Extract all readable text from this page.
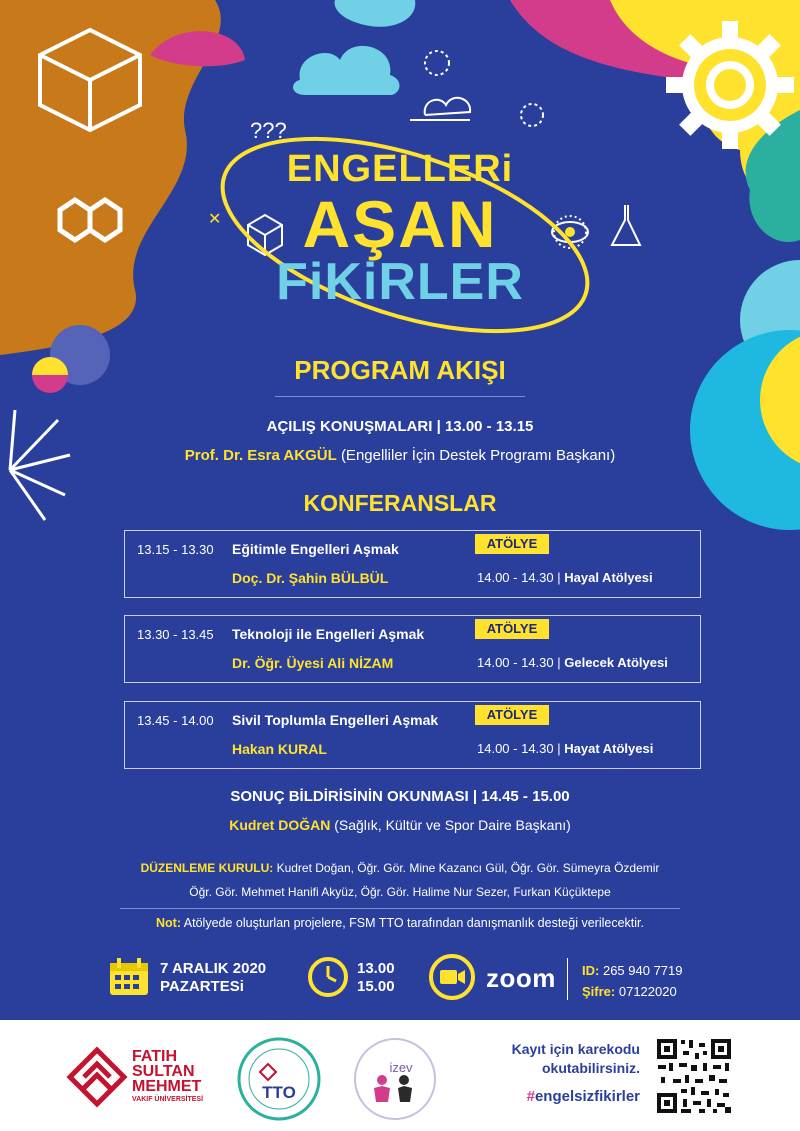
???
✕
ENGELLERi
AŞAN
FiKiRLER
PROGRAM AKIŞI
AÇILIŞ KONUŞMALARI | 13.00 - 13.15
Prof. Dr. Esra AKGÜL (Engelliler İçin Destek Programı Başkanı)
KONFERANSLAR
13.15 - 13.30 Eğitimle Engelleri Aşmak
Doç. Dr. Şahin BÜLBÜL
ATÖLYE
14.00 - 14.30 | Hayal Atölyesi
13.30 - 13.45 Teknoloji ile Engelleri Aşmak
Dr. Öğr. Üyesi Ali NİZAM
ATÖLYE
14.00 - 14.30 | Gelecek Atölyesi
13.45 - 14.00 Sivil Toplumla Engelleri Aşmak
Hakan KURAL
ATÖLYE
14.00 - 14.30 | Hayat Atölyesi
SONUÇ BİLDİRİSİNİN OKUNMASI | 14.45 - 15.00
Kudret DOĞAN (Sağlık, Kültür ve Spor Daire Başkanı)
DÜZENLEME KURULU: Kudret Doğan, Öğr. Gör. Mine Kazancı Gül, Öğr. Gör. Sümeyra Özdemir
Öğr. Gör. Mehmet Hanifi Akyüz, Öğr. Gör. Halime Nur Sezer, Furkan Küçüktepe
Not: Atölyede oluşturlan projelere, FSM TTO tarafından danışmanlık desteği verilecektir.
7 ARALIK 2020
PAZARTESi
13.00
15.00	zoom ID: 265 940 7719
Şifre: 07122020
FATIH
SULTAN
MEHMET
VAKIF ÜNİVERSİTESİ	TTO
izev
Kayıt için karekodu
okutabilirsiniz.
#engelsizfikirler
